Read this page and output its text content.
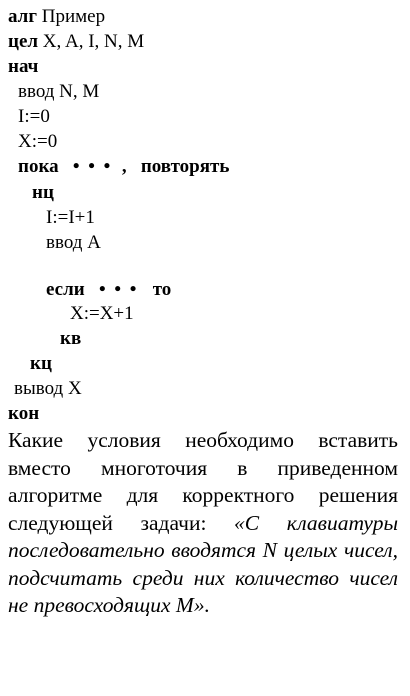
алг Пример
цел X, A, I, N, M
нач
ввод N, M
I:=0
X:=0
пока • • • , повторять
нц
I:=I+1
ввод A
если • • • то
X:=X+1
кв
кц
вывод X
кон
Какие условия необходимо вставить вместо многоточия в приведенном алгоритме для корректного решения следующей задачи: «С клавиатуры последовательно вводятся N целых чисел, подсчитать среди них количество чисел не превосходящих M».
